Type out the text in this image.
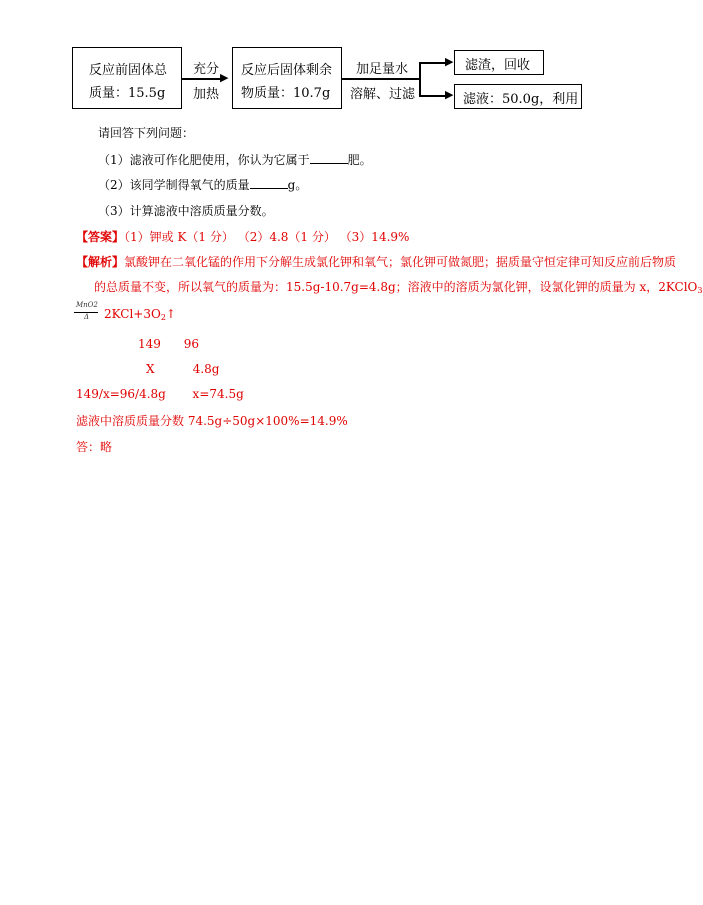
反应前固体总
质量：15.5g
充分
▶
加热
反应后固体剩余
物质量：10.7g
加足量水
溶解、过滤
▶
▶
滤渣，回收
滤液：50.0g，利用
请回答下列问题：
（1）滤液可作化肥使用，你认为它属于	肥。
（2）该同学制得氧气的质量	g。
（3）计算滤液中溶质质量分数。
【答案】（1）钾或 K（1 分） （2）4.8（1 分） （3）14.9%
【解析】氯酸钾在二氧化锰的作用下分解生成氯化钾和氧气；氯化钾可做氮肥；据质量守恒定律可知反应前后物质
的总质量不变，所以氧气的质量为：15.5g-10.7g=4.8g；溶液中的溶质为氯化钾，设氯化钾的质量为 x，2KClO$_3$
MnO2
Δ $2KCl+3O_2↑$
149      96
X          4.8g
149/x=96/4.8g       x=74.5g
滤液中溶质质量分数 74.5g÷50g×100%=14.9%
答：略
